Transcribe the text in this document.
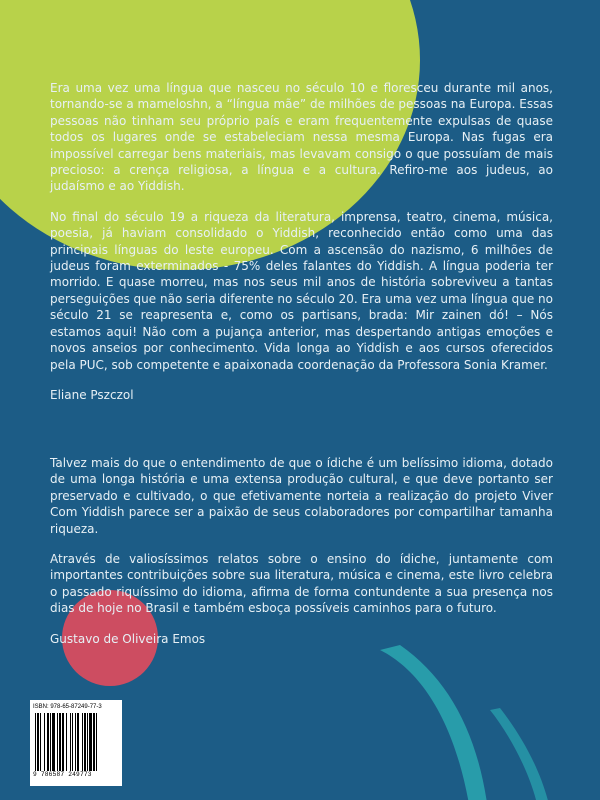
Era uma vez uma língua que nasceu no século 10 e floresceu durante mil anos, tornando-se a mameloshn, a “língua mãe” de milhões de pessoas na Europa. Essas pessoas não tinham seu próprio país e eram frequentemente expulsas de quase todos os lugares onde se estabeleciam nessa mesma Europa. Nas fugas era impossível carregar bens materiais, mas levavam consigo o que possuíam de mais precioso: a crença religiosa, a língua e a cultura. Refiro-me aos judeus, ao judaísmo e ao Yiddish.

No final do século 19 a riqueza da literatura, imprensa, teatro, cinema, música, poesia, já haviam consolidado o Yiddish, reconhecido então como uma das principais línguas do leste europeu. Com a ascensão do nazismo, 6 milhões de judeus foram exterminados - 75% deles falantes do Yiddish. A língua poderia ter morrido. E quase morreu, mas nos seus mil anos de história sobreviveu a tantas perseguições que não seria diferente no século 20. Era uma vez uma língua que no século 21 se reapresenta e, como os partisans, brada: Mir zainen dó! – Nós estamos aqui! Não com a pujança anterior, mas despertando antigas emoções e novos anseios por conhecimento. Vida longa ao Yiddish e aos cursos oferecidos pela PUC, sob competente e apaixonada coordenação da Professora Sonia Kramer.

Eliane Pszczol

Talvez mais do que o entendimento de que o ídiche é um belíssimo idioma, dotado de uma longa história e uma extensa produção cultural, e que deve portanto ser preservado e cultivado, o que efetivamente norteia a realização do projeto Viver Com Yiddish parece ser a paixão de seus colaboradores por compartilhar tamanha riqueza.

Através de valiosíssimos relatos sobre o ensino do ídiche, juntamente com importantes contribuições sobre sua literatura, música e cinema, este livro celebra o passado riquíssimo do idioma, afirma de forma contundente a sua presença nos dias de hoje no Brasil e também esboça possíveis caminhos para o futuro.

Gustavo de Oliveira Emos

ISBN: 978-65-87249-77-3
9 786587 249773
